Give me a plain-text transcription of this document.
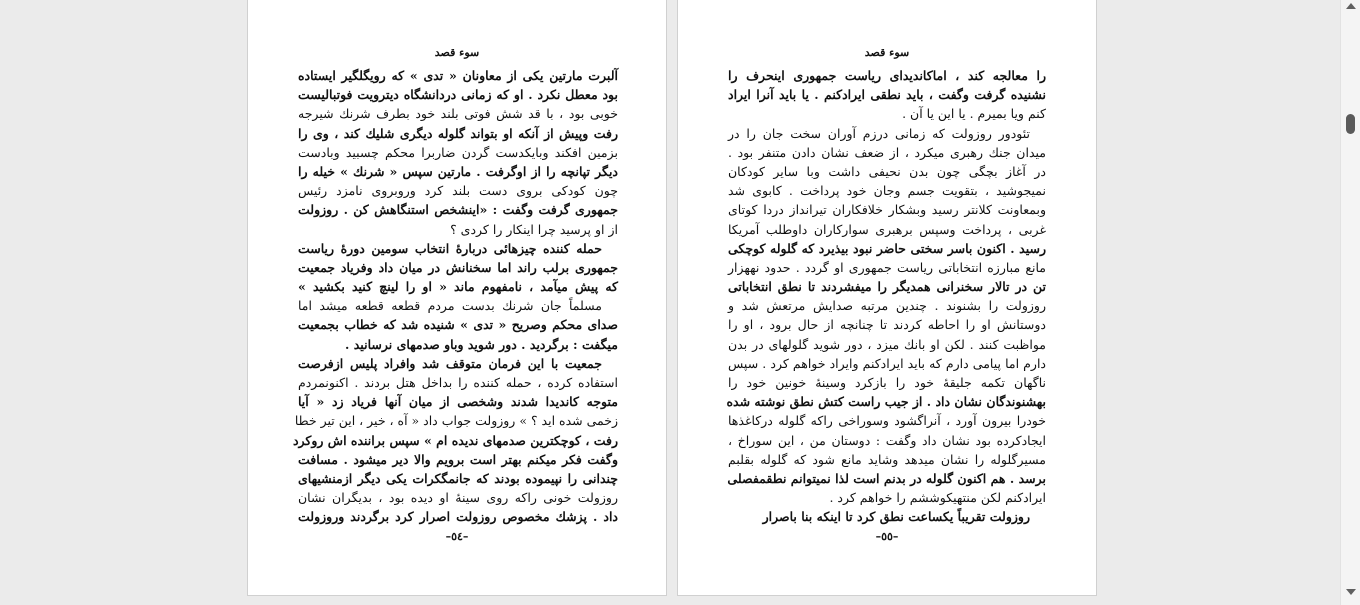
سوء قصد
آلبرت مارتین یکی از معاونان « تدی » که رویگلگیر ایستاده
بود معطل نکرد . او که زمانی دردانشگاه دیترویت فوتبالیست
خوبی بود ، با قد شش فوتی بلند خود بطرف شرنك شیرجه
رفت وپیش از آنکه او بتواند گلوله دیگری شلیك كند ، وی را
بزمین افکند وبایكدست گردن ضاربرا محکم چسبید وبادست
دیگر تپانچه را از اوگرفت . مارتین سپس « شرنك » خیله را
چون کودکی بروی دست بلند کرد وروبروی نامزد رئیس
جمهوری گرفت وگفت : «اینشخص استنگاهش کن . روزولت
از او پرسید چرا اینکار را کردی ؟
حمله کننده چیزهائی دربارهٔ انتخاب سومین دورهٔ ریاست
جمهوری برلب راند اما سخنانش در میان داد وفریاد جمعیت
که پیش میآمد ، نامفهوم ماند « او را لینچ کنید بکشید »
مسلماً جان شرنك بدست مردم قطعه قطعه میشد اما
صدای محکم وصریح « تدی » شنیده شد که خطاب بجمعیت
میگفت : برگردید . دور شوید وباو صدمهای نرسانید .
جمعیت با این فرمان متوقف شد وافراد پلیس ازفرصت
استفاده کرده ، حمله کننده را بداخل هتل بردند . اکنونمردم
متوجه کاندیدا شدند وشخصی از میان آنها فریاد زد « آیا
زخمی شده اید ؟ » روزولت جواب داد « آه ، خیر ، این تیر خطا
رفت ، کوچکترین صدمهای ندیده ام » سپس براننده اش روکرد
وگفت فکر میکنم بهتر است برویم والا دیر میشود . مسافت
چندانی را نپیموده بودند که جانمگکرات یکی دیگر ازمنشیهای
روزولت خونی راکه روی سینهٔ او دیده بود ، بدیگران نشان
داد . پزشك مخصوص روزولت اصرار کرد برگردند وروزولت
–٥٤–
سوء قصد
را معالجه کند ، اماکاندیدای ریاست جمهوری اینحرف را
نشنیده گرفت وگفت ، باید نطقی ایرادکنم . یا باید آنرا ایراد
کنم ویا بمیرم . یا این یا آن .
تئودور روزولت که زمانی درزم آوران سخت جان را در
میدان جنك رهبری میکرد ، از ضعف نشان دادن متنفر بود .
در آغاز بچگی چون بدن نحیفی داشت وبا سایر کودکان
نمیجوشید ، بتقویت جسم وجان خود پرداخت . کابوی شد
وبمعاونت کلانتر رسید وبشکار خلافکاران تیرانداز دردا کوتای
غربی ، پرداخت وسپس برهبری سوارکاران داوطلب آمریکا
رسید . اکنون باسر سختی حاضر نبود بیذیرد که گلوله کوچکی
مانع مبارزه انتخاباتی ریاست جمهوری او گردد . حدود نههزار
تن در تالار سخنرانی همدیگر را میفشردند تا نطق انتخاباتی
روزولت را بشنوند . چندین مرتبه صدایش مرتعش شد و
دوستانش او را احاطه کردند تا چنانچه از حال برود ، او را
مواظبت کنند . لکن او بانك میزد ، دور شوید گلولهای در بدن
دارم اما پیامی دارم که باید ایرادکنم وایراد خواهم کرد . سپس
ناگهان تکمه جلیقهٔ خود را بازکرد وسینهٔ خونین خود را
بهشنوندگان نشان داد . از جیب راست کتش نطق نوشته شده
خودرا بیرون آورد ، آنراگشود وسوراخی راکه گلوله درکاغذها
ایجادکرده بود نشان داد وگفت : دوستان من ، این سوراخ ،
مسیرگلوله را نشان میدهد وشاید مانع شود که گلوله بقلبم
برسد . هم اکنون گلوله در بدنم است لذا نمیتوانم نطقمفصلی
ایرادکنم لکن منتهیکوششم را خواهم کرد .
روزولت تقریباً یکساعت نطق کرد تا اینکه بنا باصرار
–٥٥–
